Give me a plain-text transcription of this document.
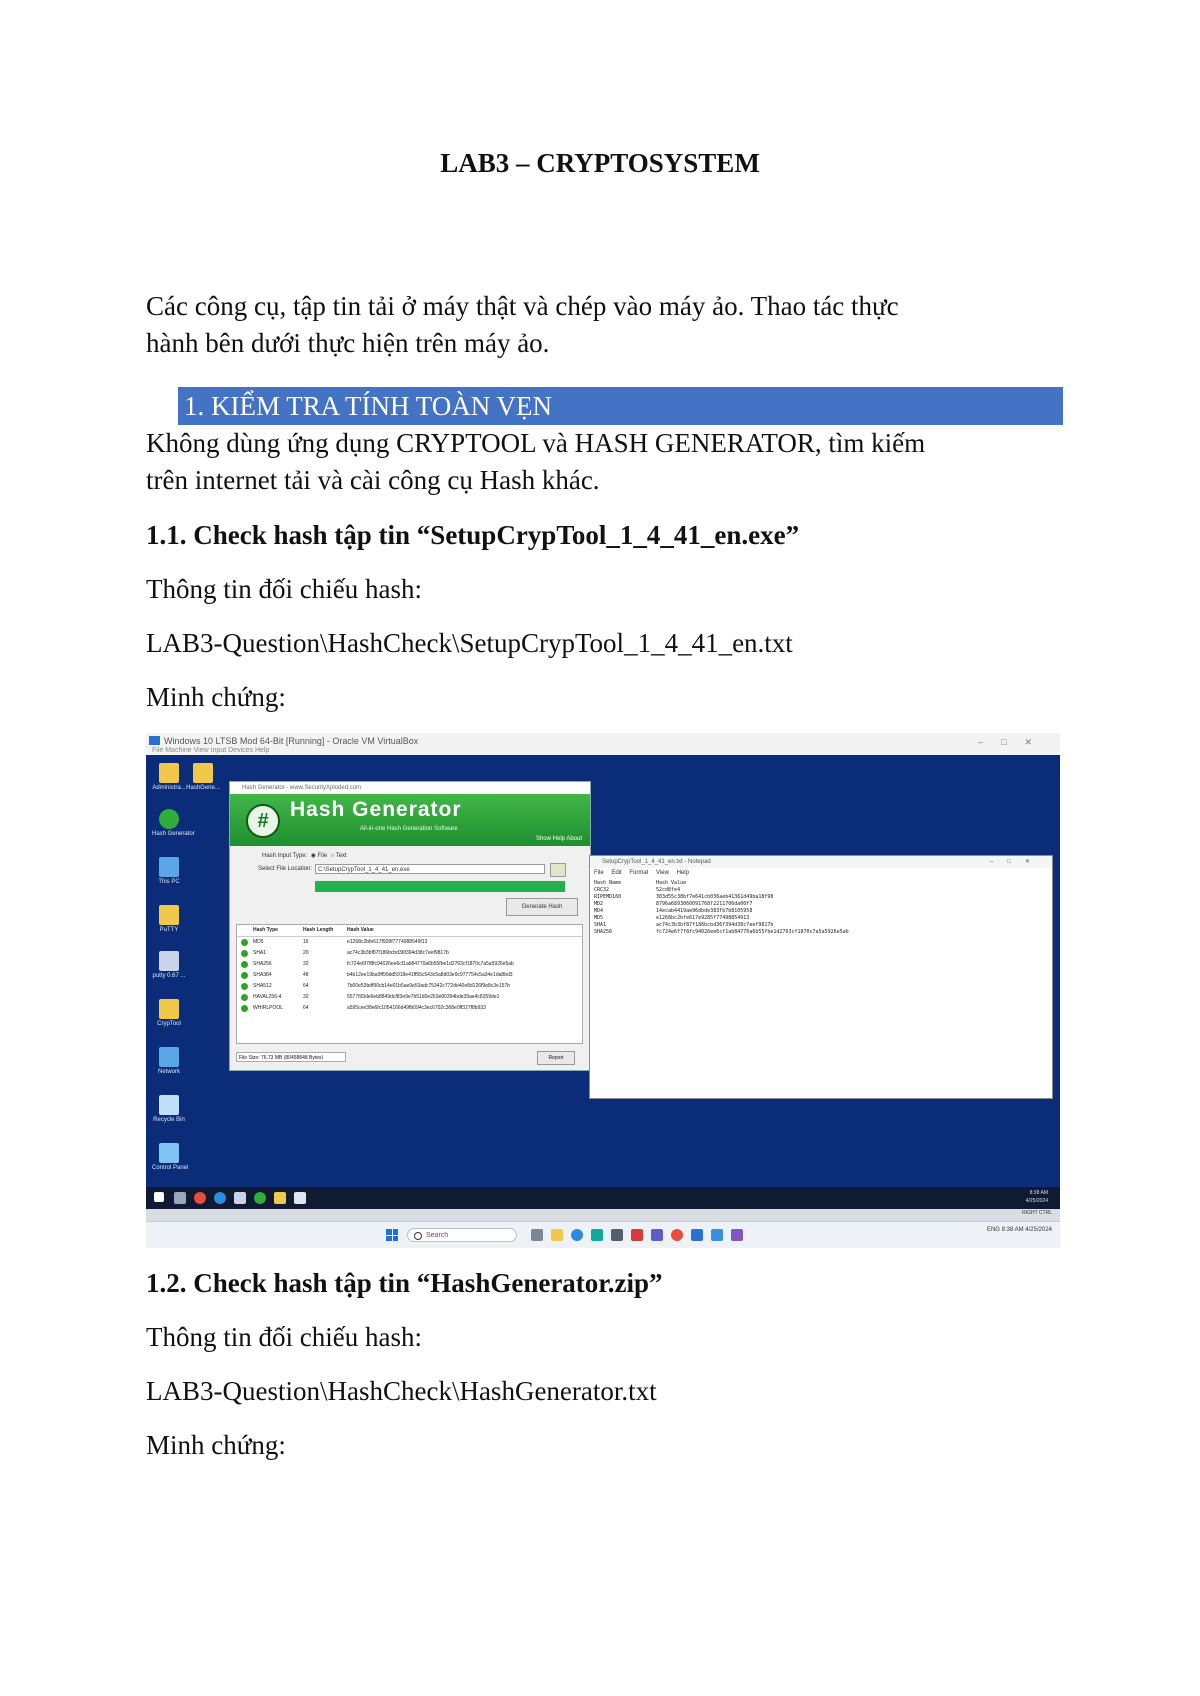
LAB3 – CRYPTOSYSTEM
Các công cụ, tập tin tải ở máy thật và chép vào máy ảo. Thao tác thực
hành bên dưới thực hiện trên máy ảo.
1. KIỂM TRA TÍNH TOÀN VẸN
Không dùng ứng dụng CRYPTOOL và HASH GENERATOR, tìm kiếm
trên internet tải và cài công cụ Hash khác.
1.1. Check hash tập tin “SetupCrypTool_1_4_41_en.exe”
Thông tin đối chiếu hash:
LAB3-Question\HashCheck\SetupCrypTool_1_4_41_en.txt
Minh chứng:
Windows 10 LTSB Mod 64-Bit [Running] - Oracle VM VirtualBox
File Machine View Input Devices Help
–□✕
Administra... HashGene...
Hash Generator
This PC
PuTTY
putty 0.67 ...
CrypTool
Network
Recycle Bin
Control Panel
Hash Generator - www.SecurityXploded.com
#	Hash Generator
All-in-one Hash Generation Software
Show Help About
Hash Input Type: ◉ File ○ Text
Select File Location: C:\SetupCrypTool_1_4_41_en.exe
Generate Hash
Hash Type	Hash Length	Hash Value
MD5	16	e1268c2bfe617f928f7774988549f13
SHA1	20	ac74c3b3bf87f186bcbd36f394d38c7eef9817b
SHA256	32	fc724e6f7f8fc94026ee6cf1ab84770a6b55fbe1d2763cf1870c7a5a5926e5ab
SHA384	48	b4b12ee19ba9ff99dd5918e41ff55c543c5a8d03e9c977754c5a34e1da8bd3
SHA512	64	7b00e53bdf90cb14e01b5ae9e53adc75342c772de40e8d126f9e8c3e157b
HAVAL256-4	32	55776f3de6eb8849dcf83e9e7b51d0e263e80394bde39ae4c8359de1
WHIRLPOOL	64	a595cee38e6fc1054166d49fb094c3ec6702c368e0ff327f8b933
File Size: 76.73 MB (80458848 Bytes)	Report
SetupCrypTool_1_4_41_en.txt - Notepad	–□✕
File Edit Format View Help
Hash Name	Hash Value
CRC32	52cd8fe4
RIPEMD160	303d55c38bf7e641cb036aeb41361d49ba18f98
MD2	8796a6893060091768f2211706da00f7
MD4	14ecab4419ae96dbde383fb7b8105958
MD5	e1268bc2bfe617e9285f77498854913
SHA1	ac74c3b3bf87f186bcbd36f394d38c7eef9817b
SHA256	fc724e6f7f8fc94026ee6cf1ab84770a6b55fbe1d2763cf1870c7a5a5926e5ab
8:38 AM
4/25/2024
RIGHT CTRL
Search
ENG 8:38 AM 4/25/2024
1.2. Check hash tập tin “HashGenerator.zip”
Thông tin đối chiếu hash:
LAB3-Question\HashCheck\HashGenerator.txt
Minh chứng:
